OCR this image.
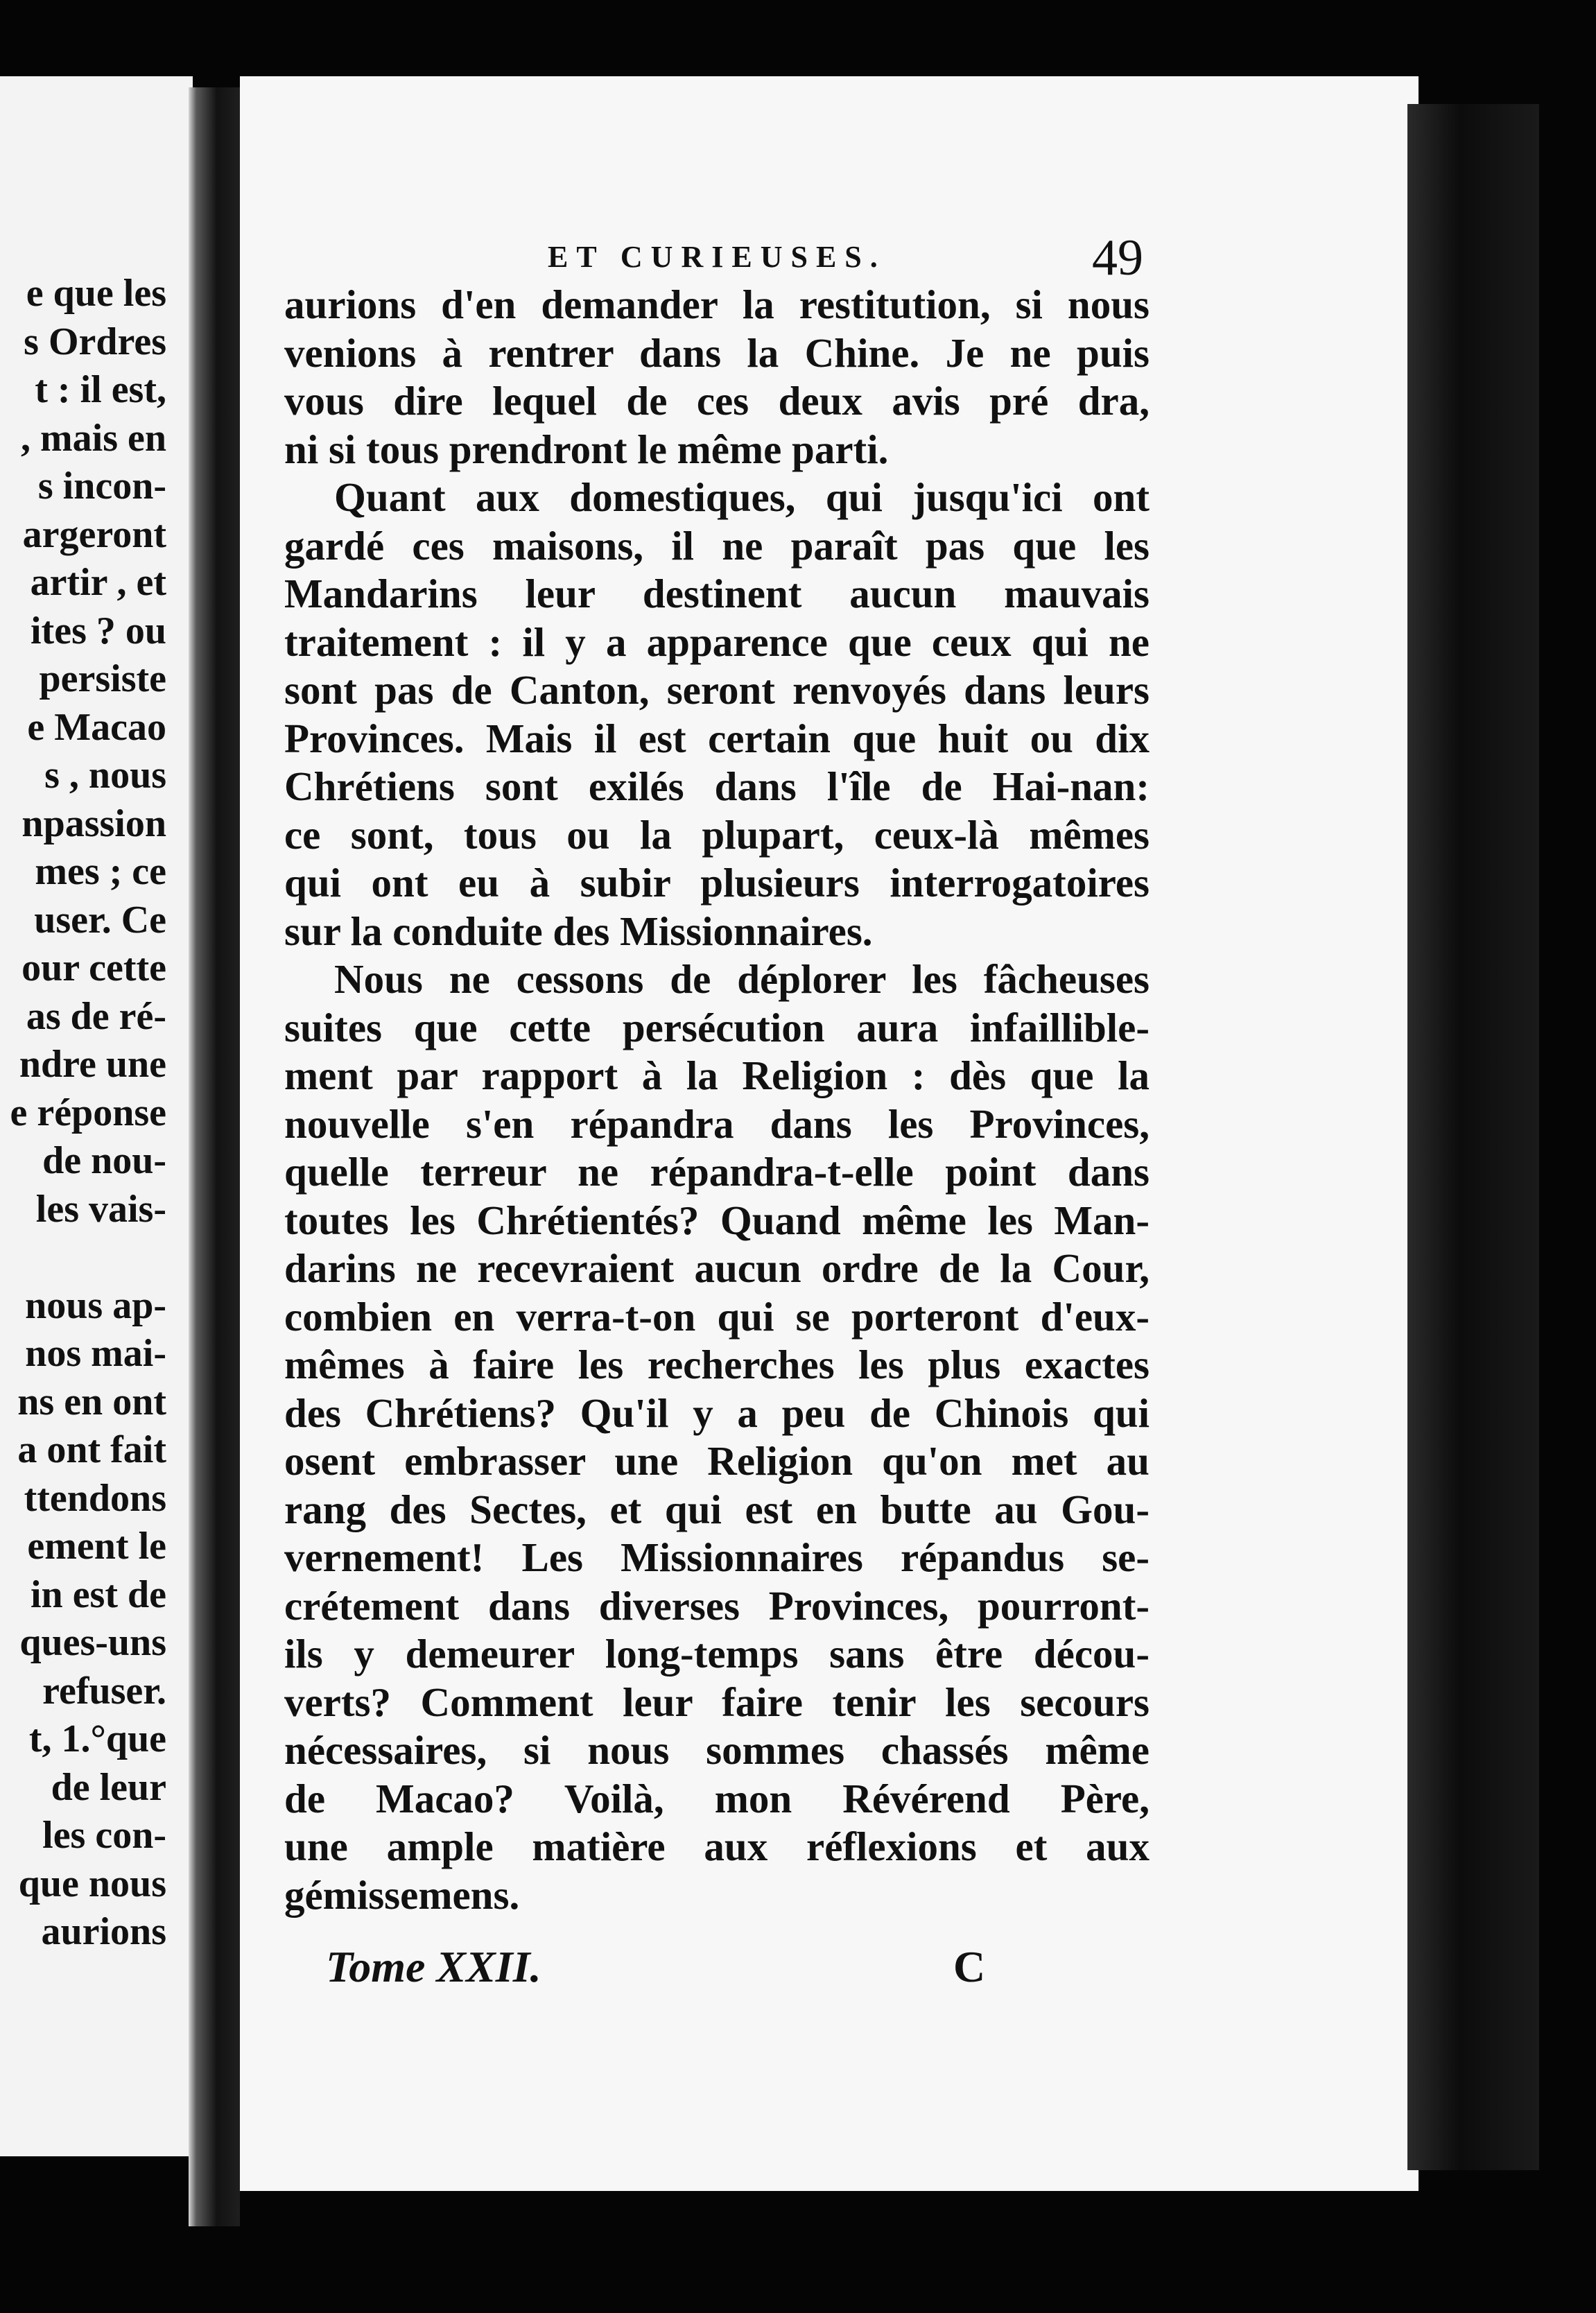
e que les
s Ordres
t : il est,
, mais en
s incon-
argeront
artir , et
ites ? ou
persiste
e Macao
s , nous
npassion
mes ; ce
user. Ce
our cette
as de ré-
ndre une
e réponse
de nou-
les vais-
nous ap-
nos mai-
ns en ont
a ont fait
ttendons
ement le
in est de
ques-uns
refuser.
t, 1.°que
de leur
les con-
que nous
aurions
ET CURIEUSES.	49
aurions d'en demander la restitution, si nous
venions à rentrer dans la Chine. Je ne puis
vous dire lequel de ces deux avis pré dra,
ni si tous prendront le même parti.
Quant aux domestiques, qui jusqu'ici ont
gardé ces maisons, il ne paraît pas que les
Mandarins leur destinent aucun mauvais
traitement : il y a apparence que ceux qui ne
sont pas de Canton, seront renvoyés dans leurs
Provinces. Mais il est certain que huit ou dix
Chrétiens sont exilés dans l'île de Hai-nan:
ce sont, tous ou la plupart, ceux-là mêmes
qui ont eu à subir plusieurs interrogatoires
sur la conduite des Missionnaires.
Nous ne cessons de déplorer les fâcheuses
suites que cette persécution aura infaillible-
ment par rapport à la Religion : dès que la
nouvelle s'en répandra dans les Provinces,
quelle terreur ne répandra-t-elle point dans
toutes les Chrétientés? Quand même les Man-
darins ne recevraient aucun ordre de la Cour,
combien en verra-t-on qui se porteront d'eux-
mêmes à faire les recherches les plus exactes
des Chrétiens? Qu'il y a peu de Chinois qui
osent embrasser une Religion qu'on met au
rang des Sectes, et qui est en butte au Gou-
vernement! Les Missionnaires répandus se-
crétement dans diverses Provinces, pourront-
ils y demeurer long-temps sans être décou-
verts? Comment leur faire tenir les secours
nécessaires, si nous sommes chassés même
de Macao? Voilà, mon Révérend Père,
une ample matière aux réflexions et aux
gémissemens.
Tome XXII.	C
